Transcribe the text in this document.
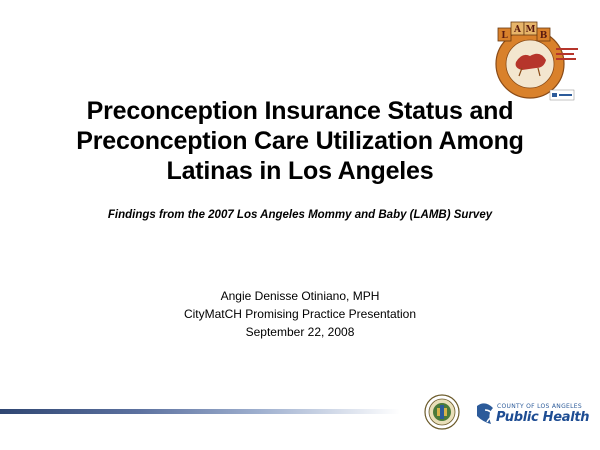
L
A M
B
Preconception Insurance Status and
Preconception Care Utilization Among
Latinas in Los Angeles
Findings from the 2007 Los Angeles Mommy and Baby (LAMB) Survey
Angie Denisse Otiniano, MPH
CityMatCH Promising Practice Presentation
September 22, 2008
COUNTY OF LOS ANGELES
Public Health
